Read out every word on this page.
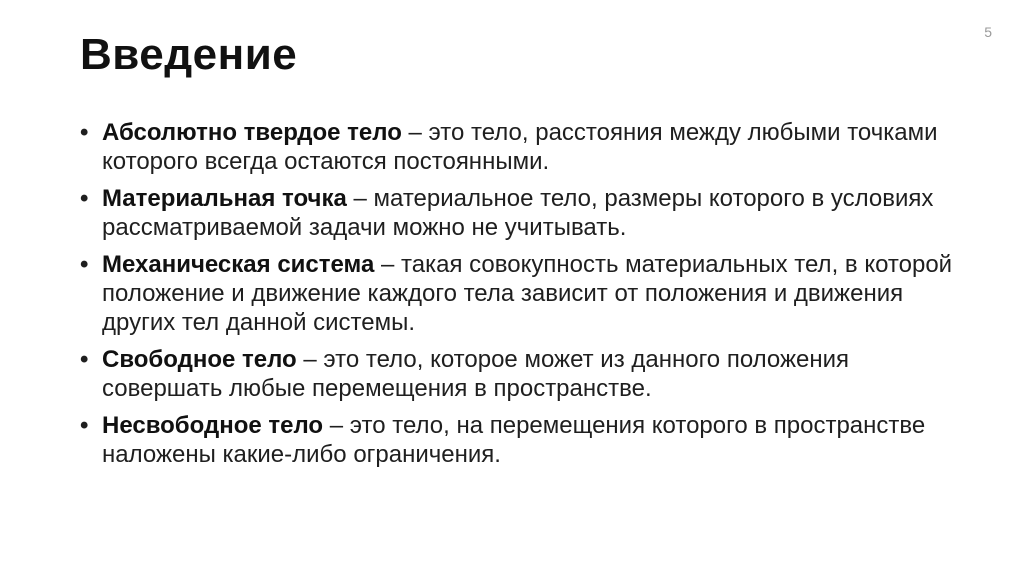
5
Введение
• Абсолютно твердое тело – это тело, расстояния между любыми точками которого всегда остаются постоянными.
• Материальная точка – материальное тело, размеры которого в условиях рассматриваемой задачи можно не учитывать.
• Механическая система – такая совокупность материальных тел, в которой положение и движение каждого тела зависит от положения и движения других тел данной системы.
• Свободное тело – это тело, которое может из данного положения совершать любые перемещения в пространстве.
• Несвободное тело – это тело, на перемещения которого в пространстве наложены какие-либо ограничения.
